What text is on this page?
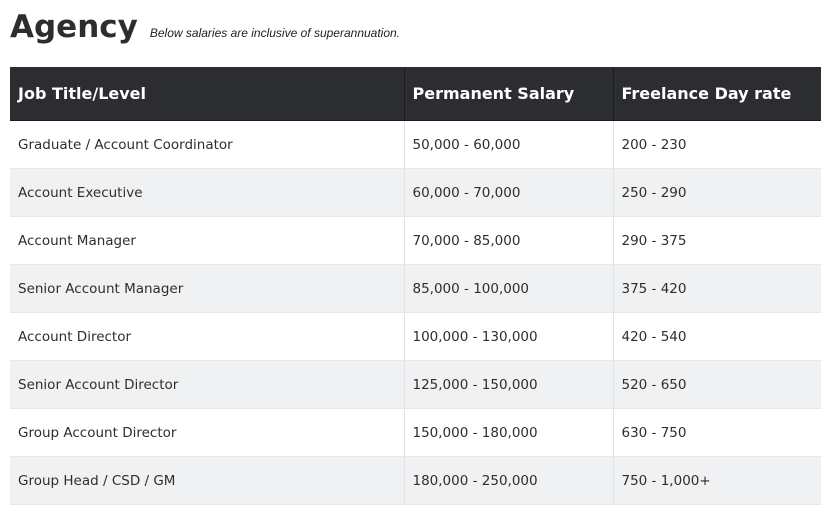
Agency Below salaries are inclusive of superannuation.
Job Title/Level	Permanent Salary	Freelance Day rate
Graduate / Account Coordinator	50,000 - 60,000	200 - 230
Account Executive	60,000 - 70,000	250 - 290
Account Manager	70,000 - 85,000	290 - 375
Senior Account Manager	85,000 - 100,000	375 - 420
Account Director	100,000 - 130,000	420 - 540
Senior Account Director	125,000 - 150,000	520 - 650
Group Account Director	150,000 - 180,000	630 - 750
Group Head / CSD / GM	180,000 - 250,000	750 - 1,000+
